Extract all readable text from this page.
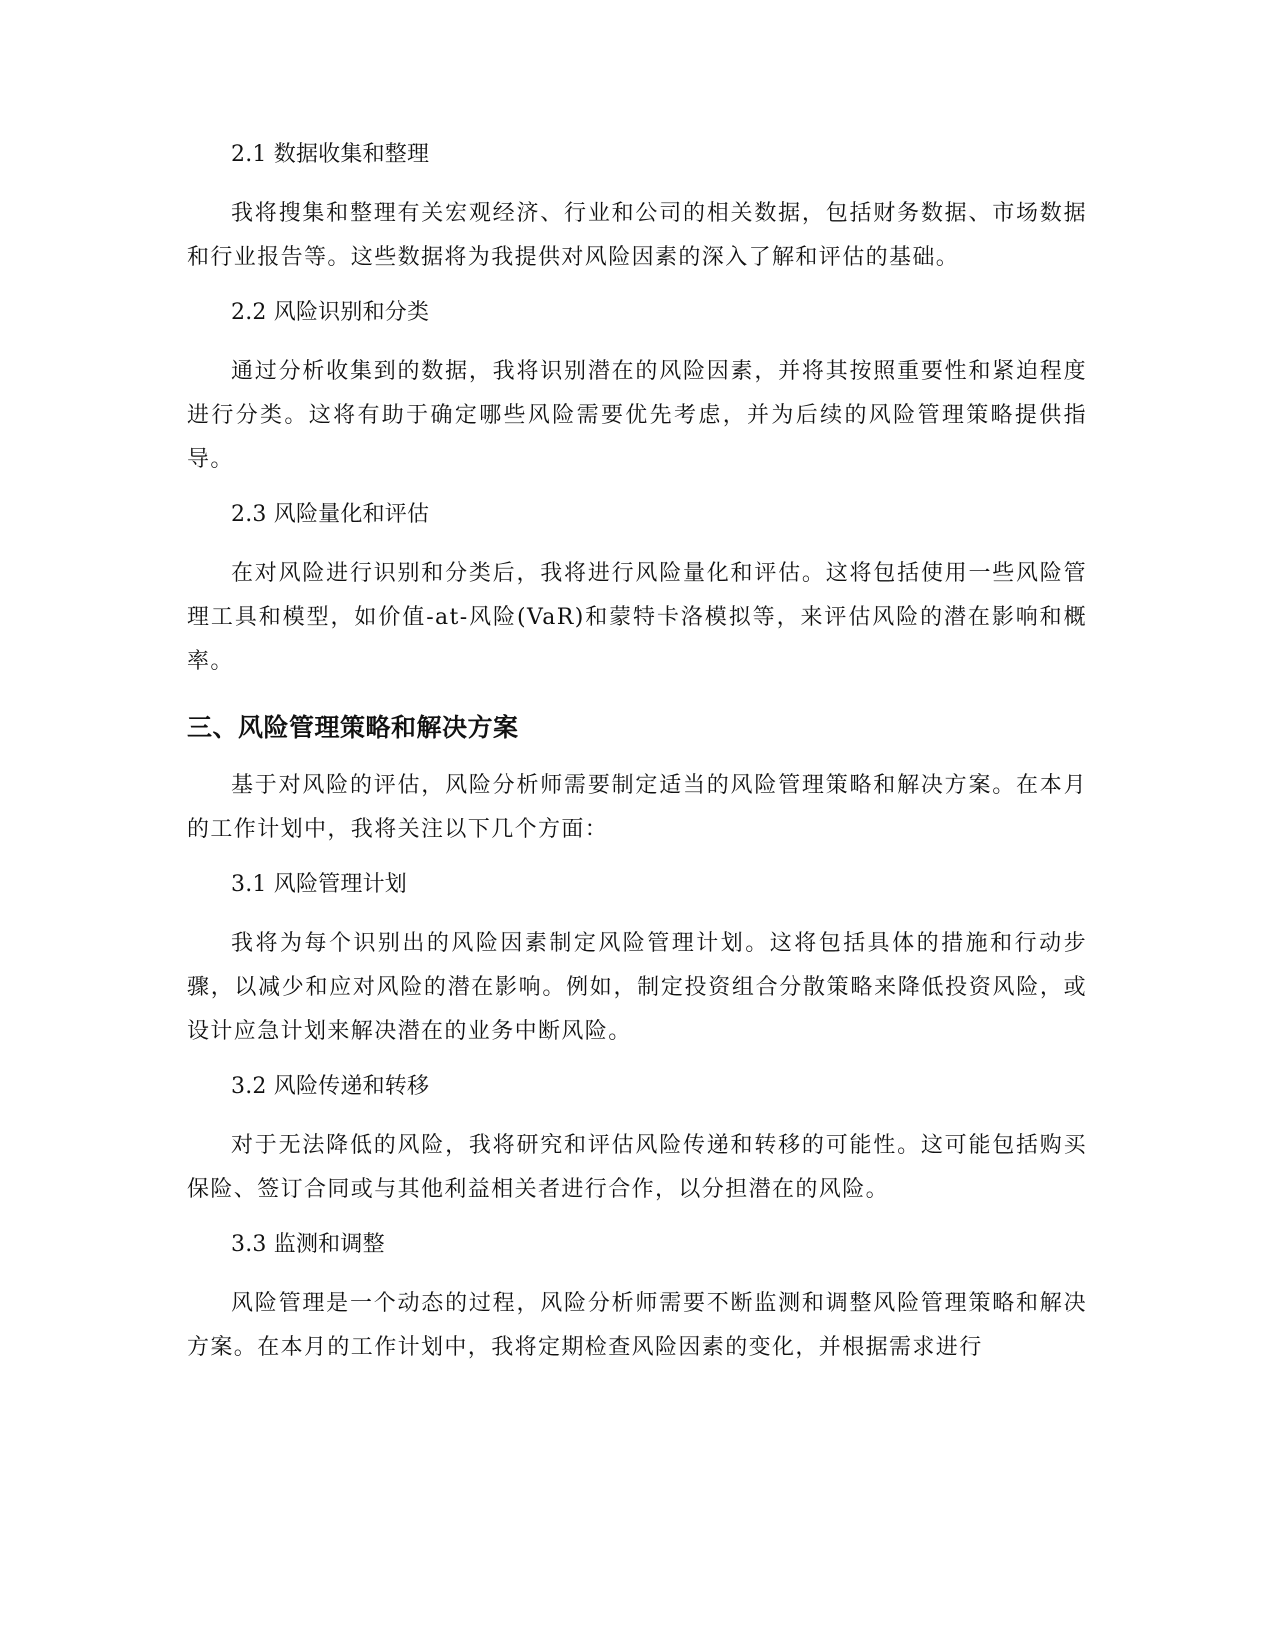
2.1 数据收集和整理
我将搜集和整理有关宏观经济、行业和公司的相关数据，包括财务数据、市场数据和行业报告等。这些数据将为我提供对风险因素的深入了解和评估的基础。
2.2 风险识别和分类
通过分析收集到的数据，我将识别潜在的风险因素，并将其按照重要性和紧迫程度进行分类。这将有助于确定哪些风险需要优先考虑，并为后续的风险管理策略提供指导。
2.3 风险量化和评估
在对风险进行识别和分类后，我将进行风险量化和评估。这将包括使用一些风险管理工具和模型，如价值-at-风险(VaR)和蒙特卡洛模拟等，来评估风险的潜在影响和概率。
三、风险管理策略和解决方案
基于对风险的评估，风险分析师需要制定适当的风险管理策略和解决方案。在本月的工作计划中，我将关注以下几个方面：
3.1 风险管理计划
我将为每个识别出的风险因素制定风险管理计划。这将包括具体的措施和行动步骤，以减少和应对风险的潜在影响。例如，制定投资组合分散策略来降低投资风险，或设计应急计划来解决潜在的业务中断风险。
3.2 风险传递和转移
对于无法降低的风险，我将研究和评估风险传递和转移的可能性。这可能包括购买保险、签订合同或与其他利益相关者进行合作，以分担潜在的风险。
3.3 监测和调整
风险管理是一个动态的过程，风险分析师需要不断监测和调整风险管理策略和解决方案。在本月的工作计划中，我将定期检查风险因素的变化，并根据需求进行
